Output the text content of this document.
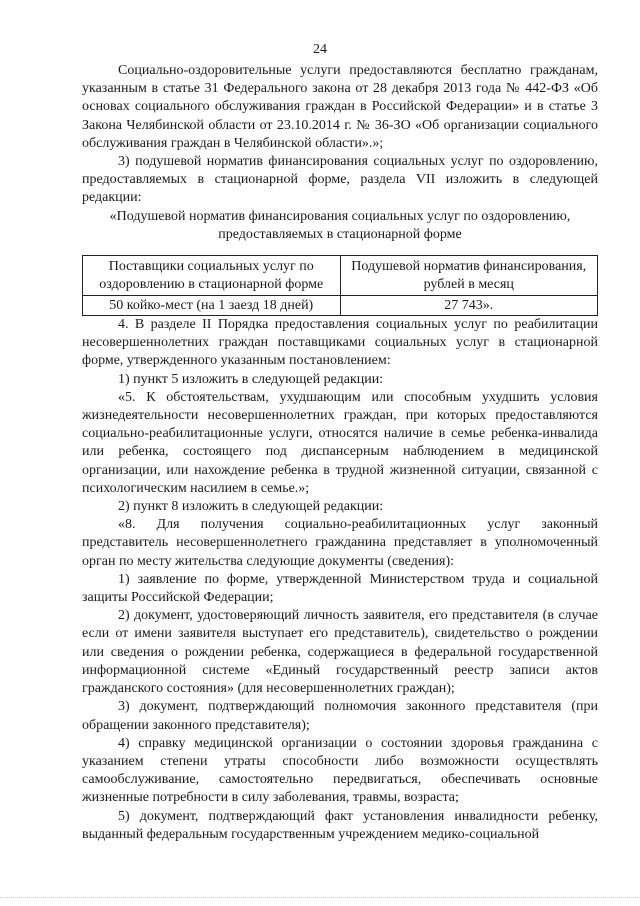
24

Социально-оздоровительные услуги предоставляются бесплатно гражданам, указанным в статье 31 Федерального закона от 28 декабря 2013 года № 442-ФЗ «Об основах социального обслуживания граждан в Российской Федерации» и в статье 3 Закона Челябинской области от 23.10.2014 г. № 36-ЗО «Об организации социального обслуживания граждан в Челябинской области».»;

3) подушевой норматив финансирования социальных услуг по оздоровлению, предоставляемых в стационарной форме, раздела VII изложить в следующей редакции:

«Подушевой норматив финансирования социальных услуг по оздоровлению, предоставляемых в стационарной форме

Поставщики социальных услуг по оздоровлению в стационарной форме	Подушевой норматив финансирования, рублей в месяц
50 койко-мест (на 1 заезд 18 дней)	27 743».

4. В разделе II Порядка предоставления социальных услуг по реабилитации несовершеннолетних граждан поставщиками социальных услуг в стационарной форме, утвержденного указанным постановлением:

1) пункт 5 изложить в следующей редакции:

«5. К обстоятельствам, ухудшающим или способным ухудшить условия жизнедеятельности несовершеннолетних граждан, при которых предоставляются социально-реабилитационные услуги, относятся наличие в семье ребенка-инвалида или ребенка, состоящего под диспансерным наблюдением в медицинской организации, или нахождение ребенка в трудной жизненной ситуации, связанной с психологическим насилием в семье.»;

2) пункт 8 изложить в следующей редакции:

«8. Для получения социально-реабилитационных услуг законный представитель несовершеннолетнего гражданина представляет в уполномоченный орган по месту жительства следующие документы (сведения):

1) заявление по форме, утвержденной Министерством труда и социальной защиты Российской Федерации;

2) документ, удостоверяющий личность заявителя, его представителя (в случае если от имени заявителя выступает его представитель), свидетельство о рождении или сведения о рождении ребенка, содержащиеся в федеральной государственной информационной системе «Единый государственный реестр записи актов гражданского состояния» (для несовершеннолетних граждан);

3) документ, подтверждающий полномочия законного представителя (при обращении законного представителя);

4) справку медицинской организации о состоянии здоровья гражданина с указанием степени утраты способности либо возможности осуществлять самообслуживание, самостоятельно передвигаться, обеспечивать основные жизненные потребности в силу заболевания, травмы, возраста;

5) документ, подтверждающий факт установления инвалидности ребенку, выданный федеральным государственным учреждением медико-социальной
